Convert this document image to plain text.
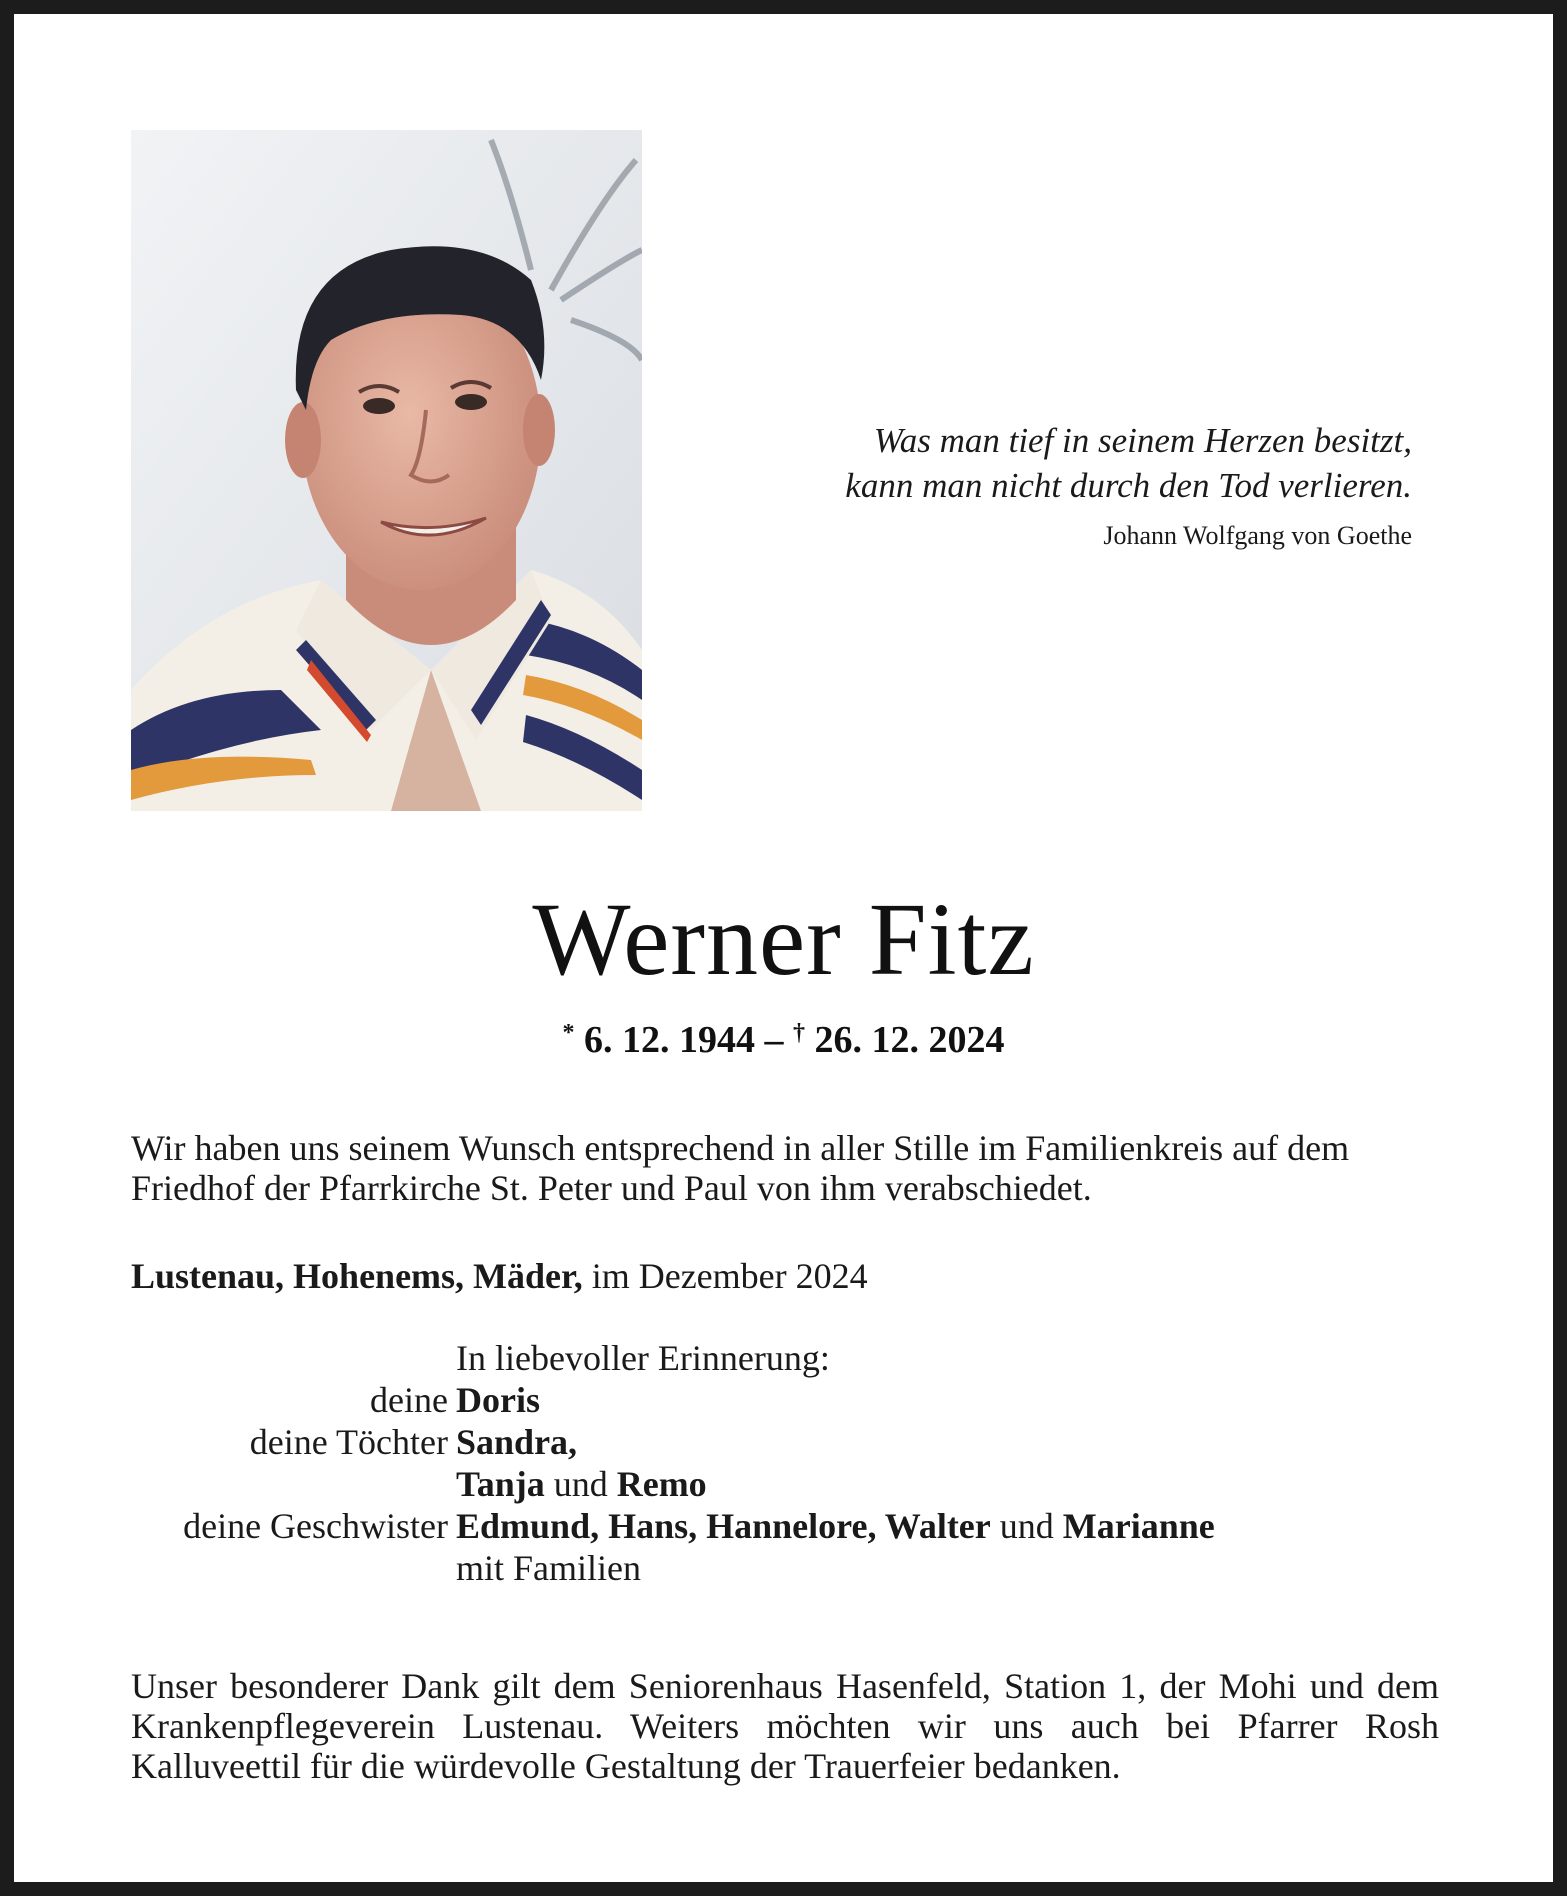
Was man tief in seinem Herzen besitzt,
kann man nicht durch den Tod verlieren.
Johann Wolfgang von Goethe
Werner Fitz
* 6. 12. 1944 – † 26. 12. 2024
Wir haben uns seinem Wunsch entsprechend in aller Stille im Familienkreis auf dem Friedhof der Pfarrkirche St. Peter und Paul von ihm verabschiedet.
Lustenau, Hohenems, Mäder, im Dezember 2024
In liebevoller Erinnerung:
deine Doris
deine Töchter Sandra,
Tanja und Remo
deine Geschwister Edmund, Hans, Hannelore, Walter und Marianne
mit Familien
Unser besonderer Dank gilt dem Seniorenhaus Hasenfeld, Station 1, der Mohi und dem Krankenpflegeverein Lustenau. Weiters möchten wir uns auch bei Pfarrer Rosh Kalluveettil für die würdevolle Gestaltung der Trauerfeier bedanken.
